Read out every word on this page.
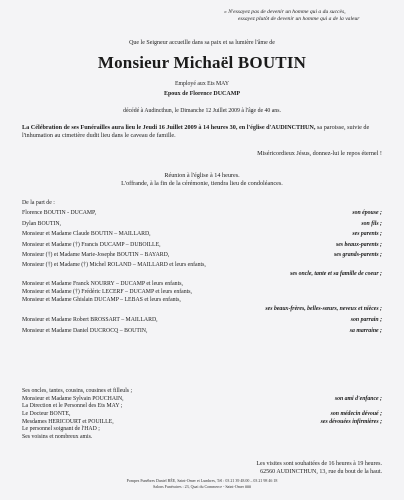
« N'essayez pas de devenir un homme qui a du succès,
essayez plutôt de devenir un homme qui a de la valeur
Que le Seigneur accueille dans sa paix et sa lumière l'âme de
Monsieur Michaël BOUTIN
Employé aux Ets MAY
Epoux de Florence DUCAMP
décédé à Audincthun, le Dimanche 12 Juillet 2009 à l'âge de 40 ans.
La Célébration de ses Funérailles aura lieu le Jeudi 16 Juillet 2009 à 14 heures 30, en l'église d'AUDINCTHUN, sa paroisse, suivie de l'inhumation au cimetière dudit lieu dans le caveau de famille.
Miséricordieux Jésus, donnez-lui le repos éternel !
Réunion à l'église à 14 heures.
L'offrande, à la fin de la cérémonie, tiendra lieu de condoléances.
De la part de :
Florence BOUTIN - DUCAMP,	son épouse ;
Dylan BOUTIN,	son fils ;
Monsieur et Madame Claude BOUTIN – MAILLARD,	ses parents ;
Monsieur et Madame (†) Francis DUCAMP – DUBOILLE,	ses beaux-parents ;
Monsieur (†) et Madame Marie-Josephe BOUTIN – BAYARD,	ses grands-parents ;
Monsieur (†) et Madame (†) Michel ROLAND – MAILLARD et leurs enfants,
ses oncle, tante et sa famille de coeur ;
Monsieur et Madame Franck NOURRY – DUCAMP et leurs enfants,
Monsieur et Madame (†) Frédéric LECERF – DUCAMP et leurs enfants,
Monsieur et Madame Ghislain DUCAMP – LEBAS et leurs enfants,
ses beaux-frères, belles-sœurs, neveux et nièces ;
Monsieur et Madame Robert BROSSART – MAILLARD,	son parrain ;
Monsieur et Madame Daniel DUCROCQ – BOUTIN,	sa marraine ;
Ses oncles, tantes, cousins, cousines et filleuls ;
Monsieur et Madame Sylvain POUCHAIN,	son ami d'enfance ;
La Direction et le Personnel des Ets MAY ;
Le Docteur BONTE,	son médecin dévoué ;
Mesdames HERICOURT et POUILLE,	ses dévouées infirmières ;
Le personnel soignant de l'HAD ;
Ses voisins et nombreux amis.
Les visites sont souhaitées de 16 heures à 19 heures.
62560 AUDINCTHUN, 13, rue du bout de la haut.
Pompes Funèbres Daniel BÉE, Saint-Omer et Lumbres, Tél : 03 21 39 48.00 – 03 21 98 46 18
Salons Funéraires : 23, Quai du Commerce - Saint-Omer ###
